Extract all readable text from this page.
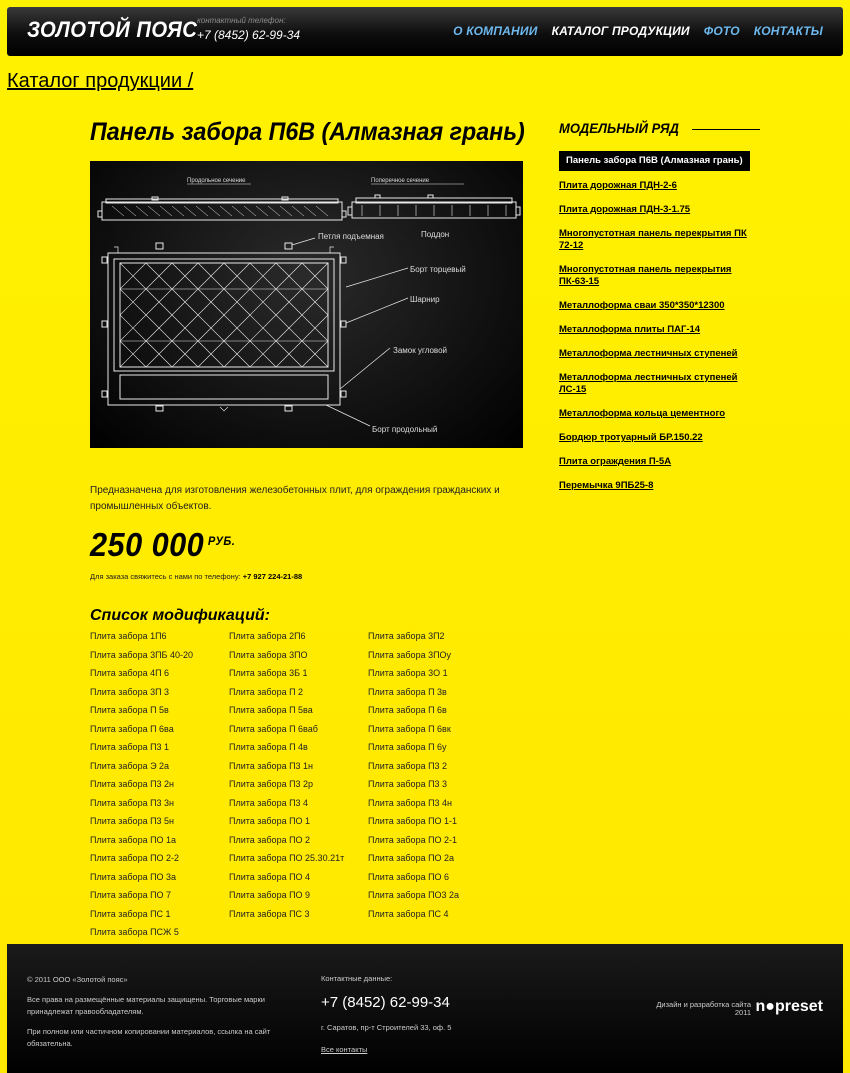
ЗОЛОТОЙ ПОЯС контактный телефон:
+7 (8452) 62-99-34	О КОМПАНИИ КАТАЛОГ ПРОДУКЦИИ ФОТО КОНТАКТЫ
Каталог продукции /
Панель забора П6В (Алмазная грань)
Продольное сечение	Поперечное сечение
Петля подъемная	Поддон
Борт торцевый
Шарнир
Замок угловой
Борт продольный

Предназначена для изготовления железобетонных плит, для ограждения гражданских и промышленных объектов.

250 000 $^{РУБ.}$
Для заказа свяжитесь с нами по телефону: +7 927 224-21-88
Список модификаций:
Плита забора 1П6	Плита забора 2П6	Плита забора 3П2
Плита забора 3ПБ 40-20	Плита забора 3ПО	Плита забора 3ПОу
Плита забора 4П 6	Плита забора 3Б 1	Плита забора 3О 1
Плита забора 3П 3	Плита забора П 2	Плита забора П 3в
Плита забора П 5в	Плита забора П 5ва	Плита забора П 6в
Плита забора П 6ва	Плита забора П 6ваб	Плита забора П 6вк
Плита забора П3 1	Плита забора П 4в	Плита забора П 6у
Плита забора Э 2а	Плита забора П3 1н	Плита забора П3 2
Плита забора П3 2н	Плита забора П3 2р	Плита забора П3 3
Плита забора П3 3н	Плита забора П3 4	Плита забора П3 4н
Плита забора П3 5н	Плита забора ПО 1	Плита забора ПО 1-1
Плита забора ПО 1а	Плита забора ПО 2	Плита забора ПО 2-1
Плита забора ПО 2-2	Плита забора ПО 25.30.21т	Плита забора ПО 2а
Плита забора ПО 3а	Плита забора ПО 4	Плита забора ПО 6
Плита забора ПО 7	Плита забора ПО 9	Плита забора ПО3 2а
Плита забора ПС 1	Плита забора ПС 3	Плита забора ПС 4
Плита забора ПСЖ 5
МОДЕЛЬНЫЙ РЯД
Панель забора П6В (Алмазная грань)
Плита дорожная ПДН-2-6
Плита дорожная ПДН-3-1.75
Многопустотная панель перекрытия ПК 72-12
Многопустотная панель перекрытия ПК-63-15
Металлоформа сваи 350*350*12300
Металлоформа плиты ПАГ-14
Металлоформа лестничных ступеней
Металлоформа лестничных ступеней ЛС-15
Металлоформа кольца цементного
Бордюр тротуарный БР.150.22
Плита ограждения П-5А
Перемычка 9ПБ25-8

© 2011 ООО «Золотой пояс»

Все права на размещённые материалы защищены. Торговые марки принадлежат правообладателям.

При полном или частичном копировании материалов, ссылка на сайт обязательна.

Контактные данные:
+7 (8452) 62-99-34
г. Саратов, пр-т Строителей 33, оф. 5
Все контакты
Дизайн и разработка сайта
2011 n●preset
